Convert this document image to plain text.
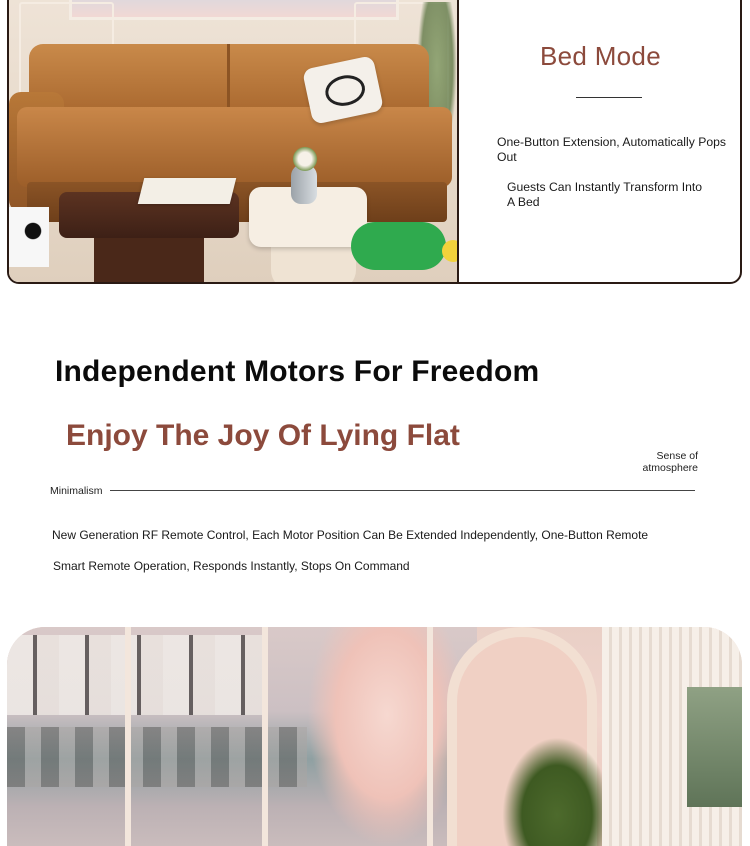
Bed Mode
One-Button Extension, Automatically Pops Out
Guests Can Instantly Transform Into A Bed
Independent Motors For Freedom
Enjoy The Joy Of Lying Flat
Sense of atmosphere
Minimalism
New Generation RF Remote Control, Each Motor Position Can Be Extended Independently, One-Button Remote
Smart Remote Operation, Responds Instantly, Stops On Command
